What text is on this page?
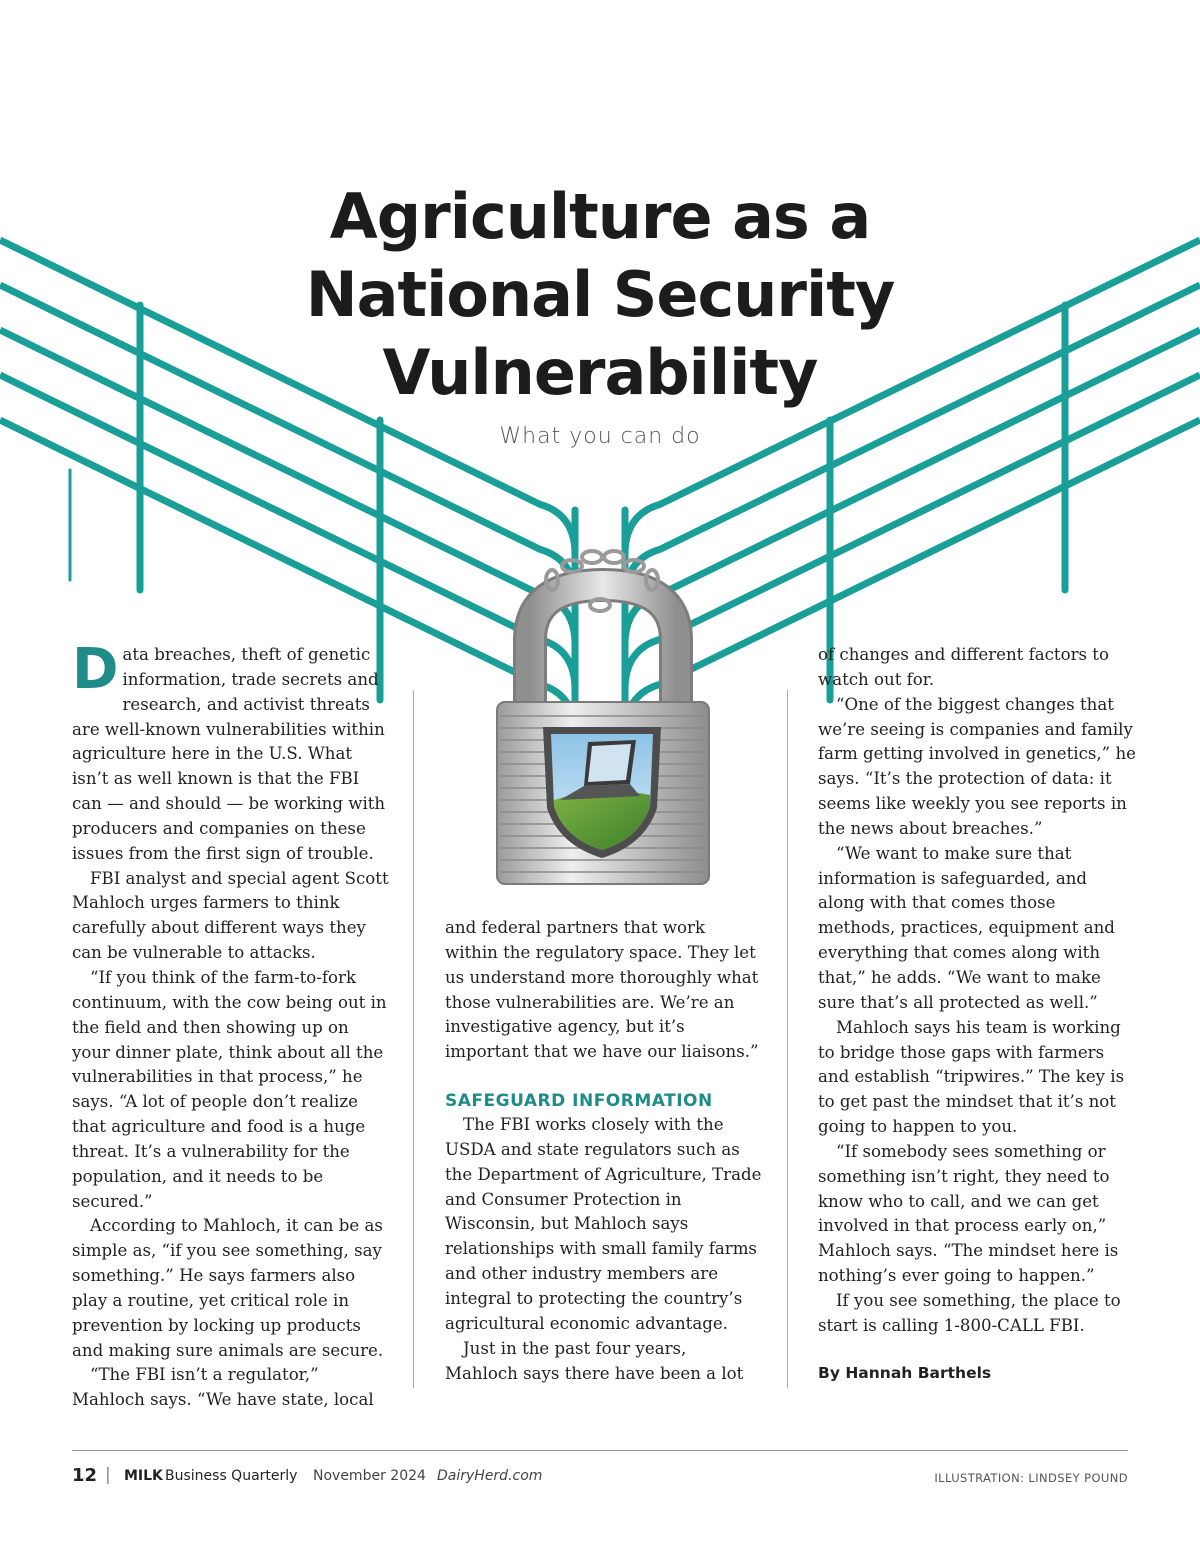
Agriculture as a National Security Vulnerability
What you can do

Data breaches, theft of genetic information, trade secrets and research, and activist threats are well-known vulnerabilities within agriculture here in the U.S. What isn’t as well known is that the FBI can — and should — be working with producers and companies on these issues from the first sign of trouble.

FBI analyst and special agent Scott Mahloch urges farmers to think carefully about different ways they can be vulnerable to attacks.

“If you think of the farm-to-fork continuum, with the cow being out in the field and then showing up on your dinner plate, think about all the vulnerabilities in that process,” he says. “A lot of people don’t realize that agriculture and food is a huge threat. It’s a vulnerability for the population, and it needs to be secured.”

According to Mahloch, it can be as simple as, “if you see something, say something.” He says farmers also play a routine, yet critical role in prevention by locking up products and making sure animals are secure.

“The FBI isn’t a regulator,” Mahloch says. “We have state, local

and federal partners that work within the regulatory space. They let us understand more thoroughly what those vulnerabilities are. We’re an investigative agency, but it’s important that we have our liaisons.”

SAFEGUARD INFORMATION

The FBI works closely with the USDA and state regulators such as the Department of Agriculture, Trade and Consumer Protection in Wisconsin, but Mahloch says relationships with small family farms and other industry members are integral to protecting the country’s agricultural economic advantage.

Just in the past four years, Mahloch says there have been a lot

of changes and different factors to watch out for.

“One of the biggest changes that we’re seeing is companies and family farm getting involved in genetics,” he says. “It’s the protection of data: it seems like weekly you see reports in the news about breaches.”

“We want to make sure that information is safeguarded, and along with that comes those methods, practices, equipment and everything that comes along with that,” he adds. “We want to make sure that’s all protected as well.”

Mahloch says his team is working to bridge those gaps with farmers and establish “tripwires.” The key is to get past the mindset that it’s not going to happen to you.

“If somebody sees something or something isn’t right, they need to know who to call, and we can get involved in that process early on,” Mahloch says. “The mindset here is nothing’s ever going to happen.”

If you see something, the place to start is calling 1-800-CALL FBI.

By Hannah Barthels
12 | MILK Business Quarterly November 2024 DairyHerd.com	ILLUSTRATION: LINDSEY POUND
